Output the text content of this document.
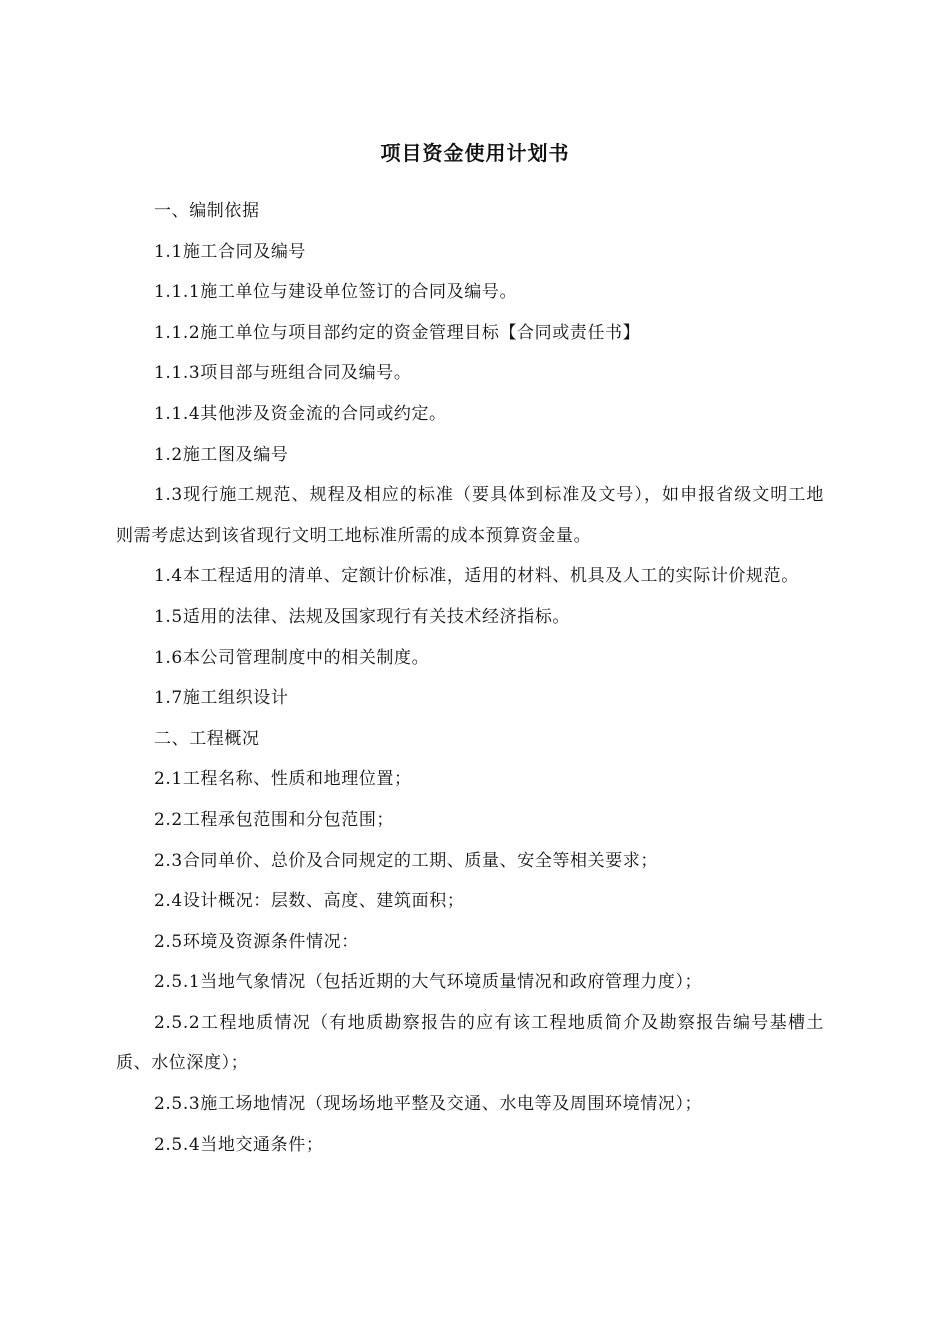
项目资金使用计划书

一、编制依据

1.1施工合同及编号

1.1.1施工单位与建设单位签订的合同及编号。

1.1.2施工单位与项目部约定的资金管理目标【合同或责任书】

1.1.3项目部与班组合同及编号。

1.1.4其他涉及资金流的合同或约定。

1.2施工图及编号

1.3现行施工规范、规程及相应的标准（要具体到标准及文号），如申报省级文明工地则需考虑达到该省现行文明工地标准所需的成本预算资金量。

1.4本工程适用的清单、定额计价标准，适用的材料、机具及人工的实际计价规范。

1.5适用的法律、法规及国家现行有关技术经济指标。

1.6本公司管理制度中的相关制度。

1.7施工组织设计

二、工程概况

2.1工程名称、性质和地理位置；

2.2工程承包范围和分包范围；

2.3合同单价、总价及合同规定的工期、质量、安全等相关要求；

2.4设计概况：层数、高度、建筑面积；

2.5环境及资源条件情况：

2.5.1当地气象情况（包括近期的大气环境质量情况和政府管理力度）；

2.5.2工程地质情况（有地质勘察报告的应有该工程地质简介及勘察报告编号基槽土质、水位深度）；

2.5.3施工场地情况（现场场地平整及交通、水电等及周围环境情况）；

2.5.4当地交通条件；
